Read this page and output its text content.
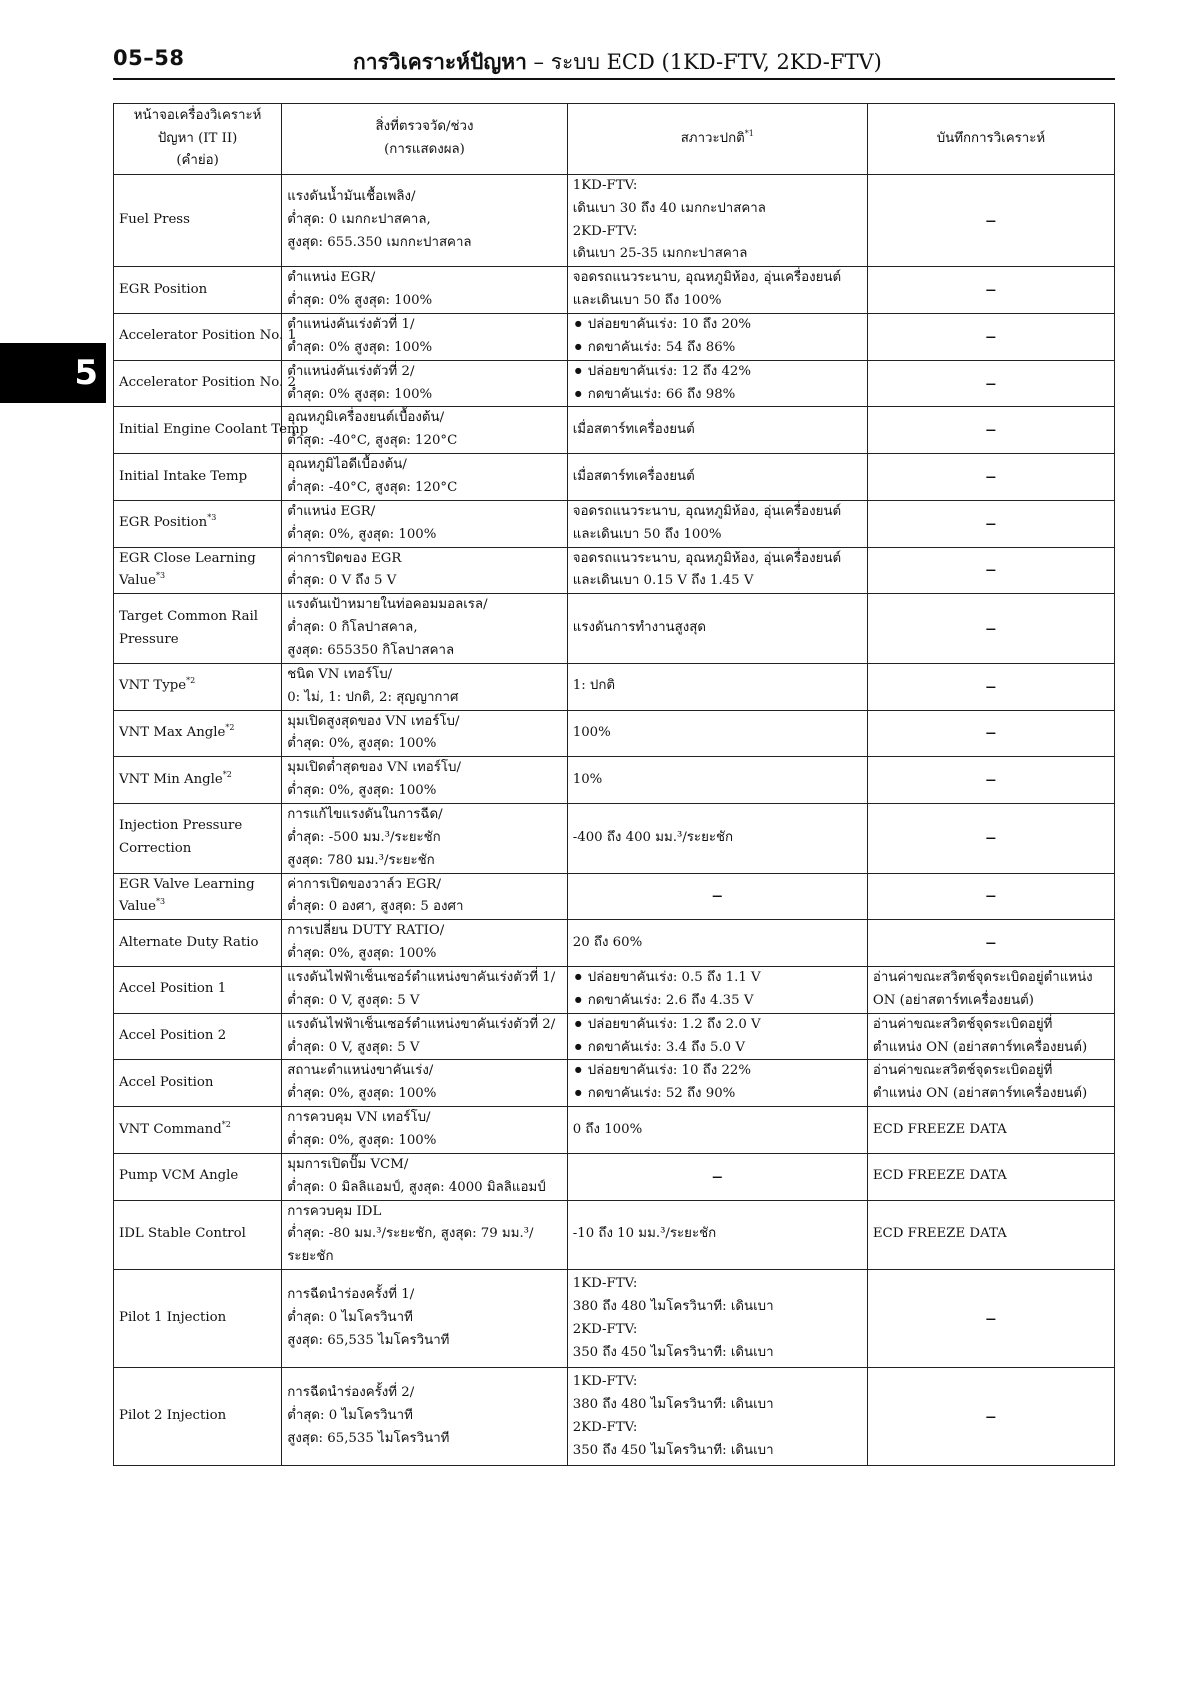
05–58	การวิเคราะห์ปัญหา – ระบบ ECD (1KD-FTV, 2KD-FTV)
5
หน้าจอเครื่องวิเคราะห์
ปัญหา (IT II)
(คำย่อ)	สิ่งที่ตรวจวัด/ช่วง
(การแสดงผล)	สภาวะปกติ$^{*1}$	บันทึกการวิเคราะห์

Fuel Press	แรงดันน้ำมันเชื้อเพลิง/
ต่ำสุด: 0 เมกกะปาสคาล,
สูงสุด: 655.350 เมกกะปาสคาล	1KD-FTV:
เดินเบา 30 ถึง 40 เมกกะปาสคาล
2KD-FTV:
เดินเบา 25-35 เมกกะปาสคาล	–

EGR Position	ตำแหน่ง EGR/
ต่ำสุด: 0% สูงสุด: 100%	จอดรถแนวระนาบ, อุณหภูมิห้อง, อุ่นเครื่องยนต์
และเดินเบา 50 ถึง 100%	–

Accelerator Position No. 1	ตำแหน่งคันเร่งตัวที่ 1/
ต่ำสุด: 0% สูงสุด: 100%	● ปล่อยขาคันเร่ง: 10 ถึง 20%
● กดขาคันเร่ง: 54 ถึง 86%	–

Accelerator Position No. 2	ตำแหน่งคันเร่งตัวที่ 2/
ต่ำสุด: 0% สูงสุด: 100%	● ปล่อยขาคันเร่ง: 12 ถึง 42%
● กดขาคันเร่ง: 66 ถึง 98%	–

Initial Engine Coolant Temp	อุณหภูมิเครื่องยนต์เบื้องต้น/
ต่ำสุด: -40°C, สูงสุด: 120°C	เมื่อสตาร์ทเครื่องยนต์	–

Initial Intake Temp	อุณหภูมิไอดีเบื้องต้น/
ต่ำสุด: -40°C, สูงสุด: 120°C	เมื่อสตาร์ทเครื่องยนต์	–

EGR Position$^{*3}$	ตำแหน่ง EGR/
ต่ำสุด: 0%, สูงสุด: 100%	จอดรถแนวระนาบ, อุณหภูมิห้อง, อุ่นเครื่องยนต์
และเดินเบา 50 ถึง 100%	–

EGR Close Learning
Value$^{*3}$	ค่าการปิดของ EGR
ต่ำสุด: 0 V ถึง 5 V	จอดรถแนวระนาบ, อุณหภูมิห้อง, อุ่นเครื่องยนต์
และเดินเบา 0.15 V ถึง 1.45 V	–

Target Common Rail
Pressure	แรงดันเป้าหมายในท่อคอมมอลเรล/
ต่ำสุด: 0 กิโลปาสคาล,
สูงสุด: 655350 กิโลปาสคาล	แรงดันการทำงานสูงสุด	–

VNT Type$^{*2}$	ชนิด VN เทอร์โบ/
0: ไม่, 1: ปกติ, 2: สุญญากาศ	1: ปกติ	–

VNT Max Angle$^{*2}$	มุมเปิดสูงสุดของ VN เทอร์โบ/
ต่ำสุด: 0%, สูงสุด: 100%	100%	–

VNT Min Angle$^{*2}$	มุมเปิดต่ำสุดของ VN เทอร์โบ/
ต่ำสุด: 0%, สูงสุด: 100%	10%	–

Injection Pressure
Correction	การแก้ไขแรงดันในการฉีด/
ต่ำสุด: -500 มม.³/ระยะชัก
สูงสุด: 780 มม.³/ระยะชัก	-400 ถึง 400 มม.³/ระยะชัก	–

EGR Valve Learning
Value$^{*3}$	ค่าการเปิดของวาล์ว EGR/
ต่ำสุด: 0 องศา, สูงสุด: 5 องศา	–	–

Alternate Duty Ratio	การเปลี่ยน DUTY RATIO/
ต่ำสุด: 0%, สูงสุด: 100%	20 ถึง 60%	–

Accel Position 1	แรงดันไฟฟ้าเซ็นเซอร์ตำแหน่งขาคันเร่งตัวที่ 1/
ต่ำสุด: 0 V, สูงสุด: 5 V	● ปล่อยขาคันเร่ง: 0.5 ถึง 1.1 V
● กดขาคันเร่ง: 2.6 ถึง 4.35 V	อ่านค่าขณะสวิตช์จุดระเบิดอยู่ตำแหน่ง
ON (อย่าสตาร์ทเครื่องยนต์)

Accel Position 2	แรงดันไฟฟ้าเซ็นเซอร์ตำแหน่งขาคันเร่งตัวที่ 2/
ต่ำสุด: 0 V, สูงสุด: 5 V	● ปล่อยขาคันเร่ง: 1.2 ถึง 2.0 V
● กดขาคันเร่ง: 3.4 ถึง 5.0 V	อ่านค่าขณะสวิตช์จุดระเบิดอยู่ที่
ตำแหน่ง ON (อย่าสตาร์ทเครื่องยนต์)

Accel Position	สถานะตำแหน่งขาคันเร่ง/
ต่ำสุด: 0%, สูงสุด: 100%	● ปล่อยขาคันเร่ง: 10 ถึง 22%
● กดขาคันเร่ง: 52 ถึง 90%	อ่านค่าขณะสวิตช์จุดระเบิดอยู่ที่
ตำแหน่ง ON (อย่าสตาร์ทเครื่องยนต์)

VNT Command$^{*2}$	การควบคุม VN เทอร์โบ/
ต่ำสุด: 0%, สูงสุด: 100%	0 ถึง 100%	ECD FREEZE DATA

Pump VCM Angle	มุมการเปิดปั๊ม VCM/
ต่ำสุด: 0 มิลลิแอมป์, สูงสุด: 4000 มิลลิแอมป์	–	ECD FREEZE DATA

IDL Stable Control	การควบคุม IDL
ต่ำสุด: -80 มม.³/ระยะชัก, สูงสุด: 79 มม.³/
ระยะชัก	-10 ถึง 10 มม.³/ระยะชัก	ECD FREEZE DATA

Pilot 1 Injection	การฉีดนำร่องครั้งที่ 1/
ต่ำสุด: 0 ไมโครวินาที
สูงสุด: 65,535 ไมโครวินาที	1KD-FTV:
380 ถึง 480 ไมโครวินาที: เดินเบา
2KD-FTV:
350 ถึง 450 ไมโครวินาที: เดินเบา	–

Pilot 2 Injection	การฉีดนำร่องครั้งที่ 2/
ต่ำสุด: 0 ไมโครวินาที
สูงสุด: 65,535 ไมโครวินาที	1KD-FTV:
380 ถึง 480 ไมโครวินาที: เดินเบา
2KD-FTV:
350 ถึง 450 ไมโครวินาที: เดินเบา	–
